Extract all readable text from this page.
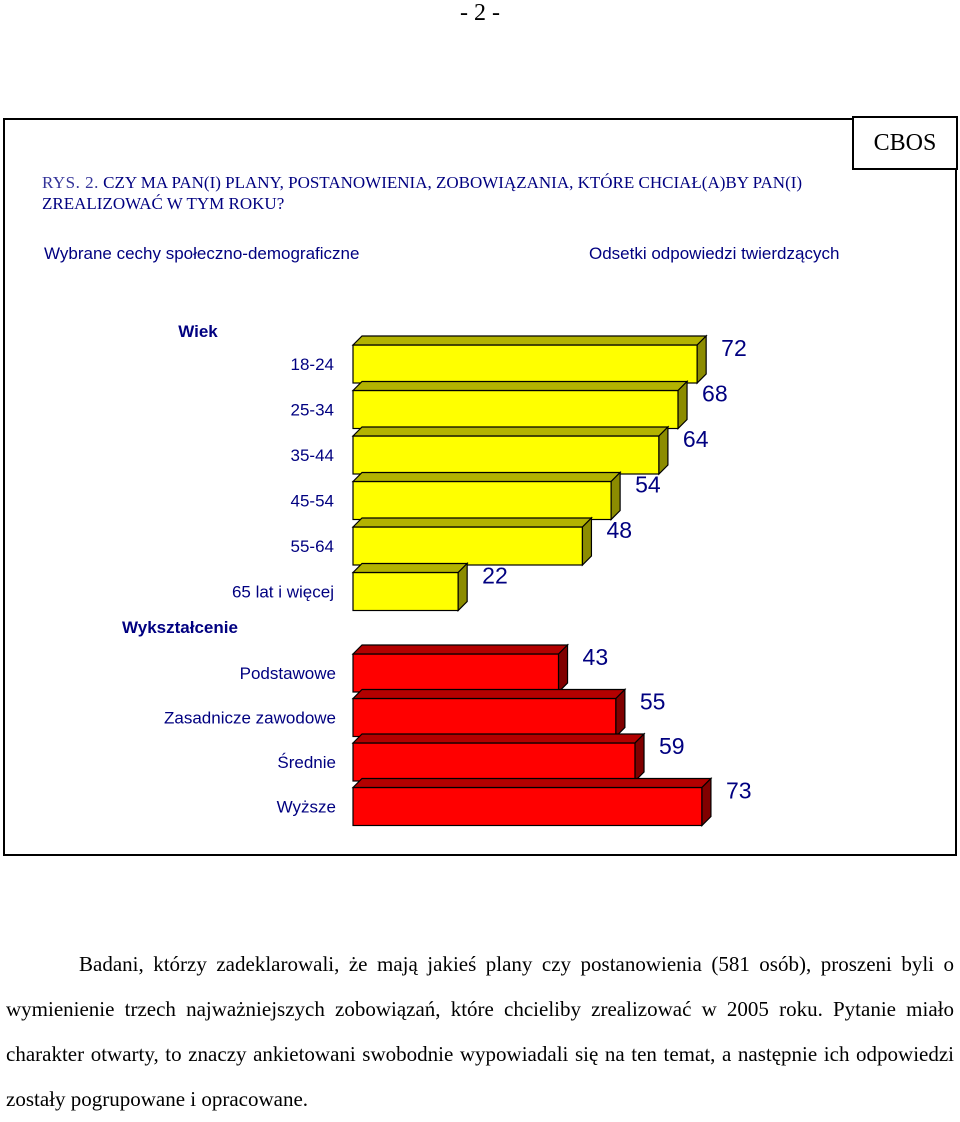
- 2 -
CBOS
RYS. 2. CZY MA PAN(I) PLANY, POSTANOWIENIA, ZOBOWIĄZANIA, KTÓRE CHCIAŁ(A)BY PAN(I) ZREALIZOWAĆ W TYM ROKU?
Wybrane cechy społeczno-demograficzne	Odsetki odpowiedzi twierdzących
Wiek
18-24
72
25-34
68
35-44
64
45-54
54
55-64
48
65 lat i więcej
22
Wykształcenie
Podstawowe
43
Zasadnicze zawodowe
55
Średnie
59
Wyższe
73

Badani, którzy zadeklarowali, że mają jakieś plany czy postanowienia (581 osób), proszeni byli o wymienienie trzech najważniejszych zobowiązań, które chcieliby zrealizować w 2005 roku. Pytanie miało charakter otwarty, to znaczy ankietowani swobodnie wypowiadali się na ten temat, a następnie ich odpowiedzi zostały pogrupowane i opracowane.
